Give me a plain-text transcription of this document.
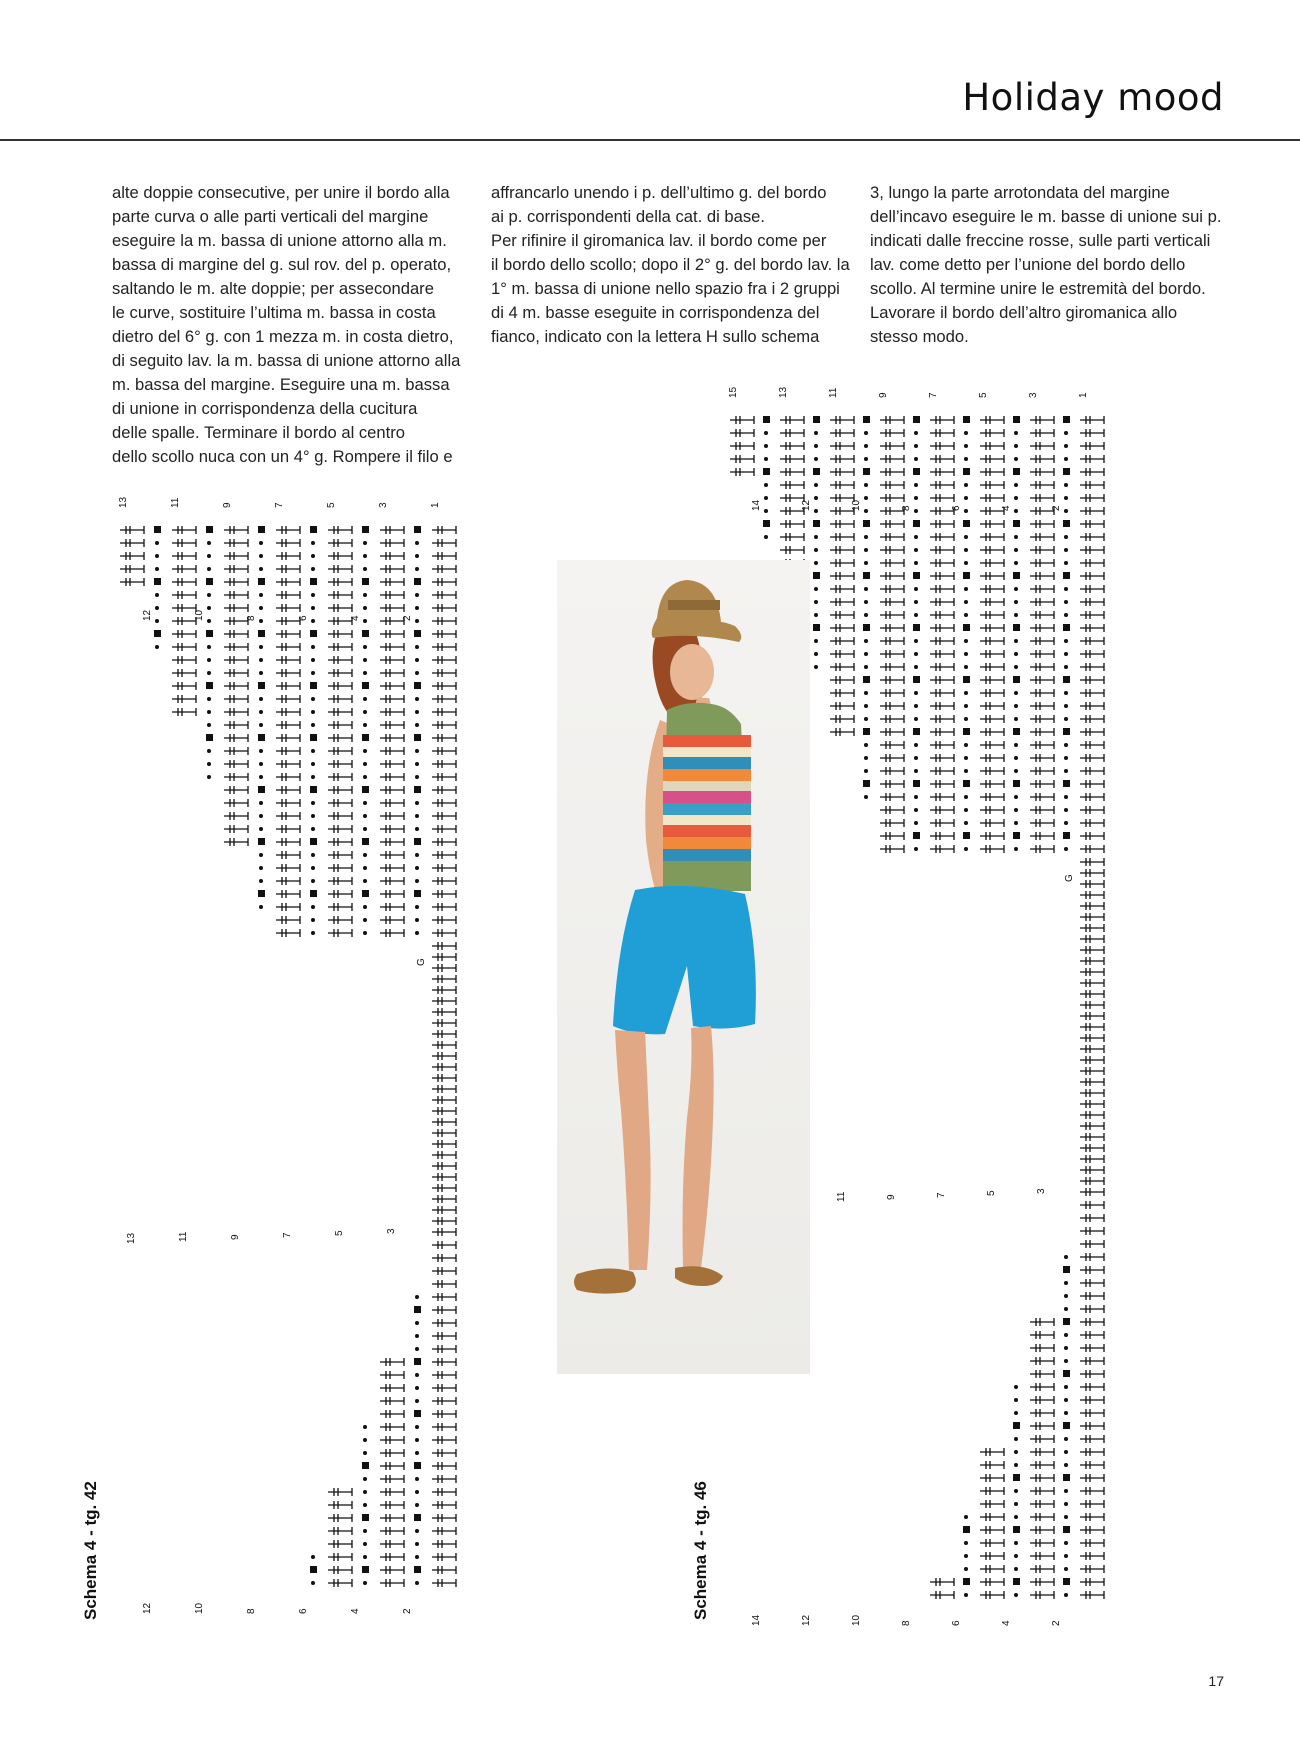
Holiday mood
alte doppie consecutive, per unire il bordo alla
parte curva o alle parti verticali del margine
eseguire la m. bassa di unione attorno alla m.
bassa di margine del g. sul rov. del p. operato,
saltando le m. alte doppie; per assecondare
le curve, sostituire l’ultima m. bassa in costa
dietro del 6° g. con 1 mezza m. in costa dietro,
di seguito lav. la m. bassa di unione attorno alla
m. bassa del margine. Eseguire una m. bassa
di unione in corrispondenza della cucitura
delle spalle. Terminare il bordo al centro
dello scollo nuca con un 4° g. Rompere il filo e
affrancarlo unendo i p. dell’ultimo g. del bordo
ai p. corrispondenti della cat. di base.
Per rifinire il giromanica lav. il bordo come per
il bordo dello scollo; dopo il 2° g. del bordo lav. la
1° m. bassa di unione nello spazio fra i 2 gruppi
di 4 m. basse eseguite in corrispondenza del
fianco, indicato con la lettera H sullo schema
3, lungo la parte arrotondata del margine
dell’incavo eseguire le m. basse di unione sui p.
indicati dalle freccine rosse, sulle parti verticali
lav. come detto per l’unione del bordo dello
scollo. Al termine unire le estremità del bordo.
Lavorare il bordo dell’altro giromanica allo
stesso modo.
13	11	9	7	5	3	1
12	10	8	6	4	2
12	10	8	6	4	2
13	11	9	7	5	3
G
Schema 4 - tg. 42
15	13	11	9	7	5	3	1
14	12	10	8	6	4	2
14	12	10	8	6	4	2
11	9	7	5	3
G
Schema 4 - tg. 46
17
